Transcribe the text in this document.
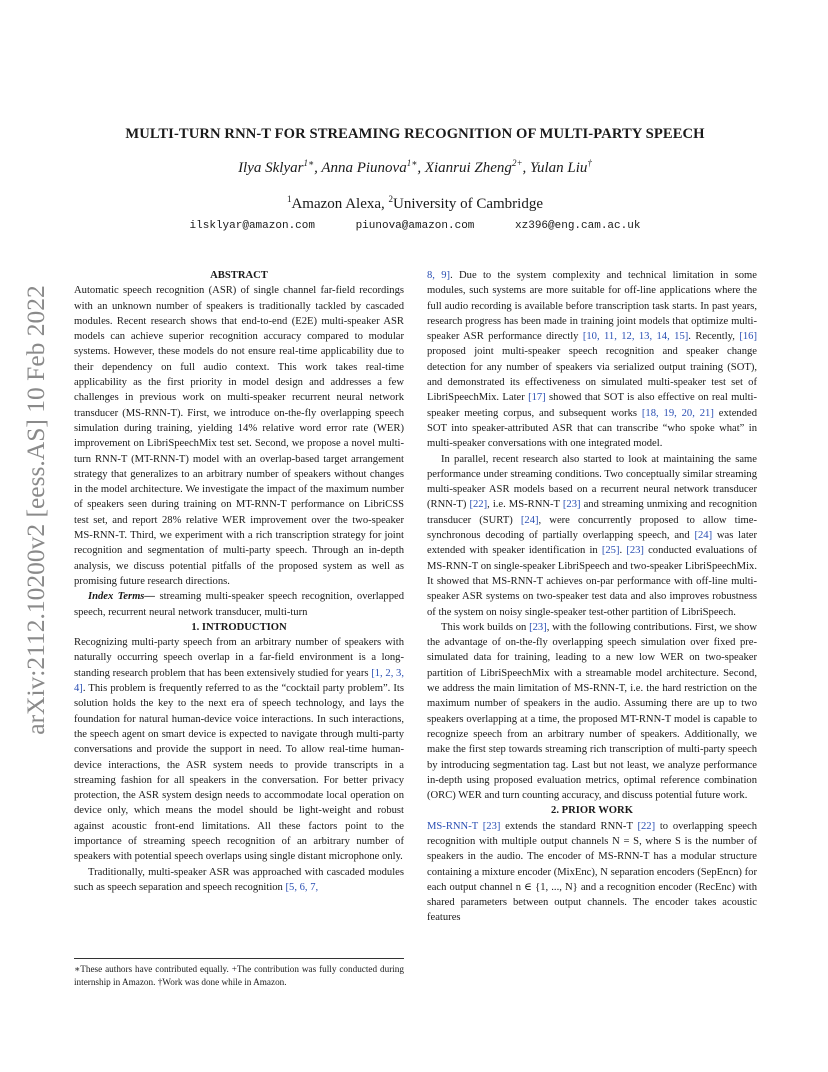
arXiv:2112.10200v2 [eess.AS] 10 Feb 2022
MULTI-TURN RNN-T FOR STREAMING RECOGNITION OF MULTI-PARTY SPEECH
Ilya Sklyar$^{1∗}$, Anna Piunova$^{1∗}$, Xianrui Zheng$^{2+}$, Yulan Liu†
$^1$Amazon Alexa, $^2$University of Cambridge
ilsklyar@amazon.com	piunova@amazon.com	xz396@eng.cam.ac.uk

ABSTRACT

Automatic speech recognition (ASR) of single channel far-field recordings with an unknown number of speakers is traditionally tackled by cascaded modules. Recent research shows that end-to-end (E2E) multi-speaker ASR models can achieve superior recognition accuracy compared to modular systems. However, these models do not ensure real-time applicability due to their dependency on full audio context. This work takes real-time applicability as the first priority in model design and addresses a few challenges in previous work on multi-speaker recurrent neural network transducer (MS-RNN-T). First, we introduce on-the-fly overlapping speech simulation during training, yielding 14% relative word error rate (WER) improvement on LibriSpeechMix test set. Second, we propose a novel multi-turn RNN-T (MT-RNN-T) model with an overlap-based target arrangement strategy that generalizes to an arbitrary number of speakers without changes in the model architecture. We investigate the impact of the maximum number of speakers seen during training on MT-RNN-T performance on LibriCSS test set, and report 28% relative WER improvement over the two-speaker MS-RNN-T. Third, we experiment with a rich transcription strategy for joint recognition and segmentation of multi-party speech. Through an in-depth analysis, we discuss potential pitfalls of the proposed system as well as promising future research directions.

Index Terms— streaming multi-speaker speech recognition, overlapped speech, recurrent neural network transducer, multi-turn

1. INTRODUCTION

Recognizing multi-party speech from an arbitrary number of speakers with naturally occurring speech overlap in a far-field environment is a long-standing research problem that has been extensively studied for years [1, 2, 3, 4]. This problem is frequently referred to as the “cocktail party problem”. Its solution holds the key to the next era of speech technology, and lays the foundation for natural human-device voice interactions. In such interactions, the speech agent on smart device is expected to navigate through multi-party conversations and provide the support in need. To allow real-time human-device interactions, the ASR system needs to provide transcripts in a streaming fashion for all speakers in the conversation. For better privacy protection, the ASR system design needs to accommodate local operation on device only, which means the model should be light-weight and robust against acoustic front-end limitations. All these factors point to the importance of streaming speech recognition of an arbitrary number of speakers with potential speech overlaps using single distant microphone only.

Traditionally, multi-speaker ASR was approached with cascaded modules such as speech separation and speech recognition [5, 6, 7,

∗These authors have contributed equally. +The contribution was fully conducted during internship in Amazon. †Work was done while in Amazon.

8, 9]. Due to the system complexity and technical limitation in some modules, such systems are more suitable for off-line applications where the full audio recording is available before transcription task starts. In past years, research progress has been made in training joint models that optimize multi-speaker ASR performance directly [10, 11, 12, 13, 14, 15]. Recently, [16] proposed joint multi-speaker speech recognition and speaker change detection for any number of speakers via serialized output training (SOT), and demonstrated its effectiveness on simulated multi-speaker test set of LibriSpeechMix. Later [17] showed that SOT is also effective on real multi-speaker meeting corpus, and subsequent works [18, 19, 20, 21] extended SOT into speaker-attributed ASR that can transcribe “who spoke what” in multi-speaker conversations with one integrated model.

In parallel, recent research also started to look at maintaining the same performance under streaming conditions. Two conceptually similar streaming multi-speaker ASR models based on a recurrent neural network transducer (RNN-T) [22], i.e. MS-RNN-T [23] and streaming unmixing and recognition transducer (SURT) [24], were concurrently proposed to allow time-synchronous decoding of partially overlapping speech, and [24] was later extended with speaker identification in [25]. [23] conducted evaluations of MS-RNN-T on single-speaker LibriSpeech and two-speaker LibriSpeechMix. It showed that MS-RNN-T achieves on-par performance with off-line multi-speaker ASR systems on two-speaker test data and also improves robustness of the system on noisy single-speaker test-other partition of LibriSpeech.

This work builds on [23], with the following contributions. First, we show the advantage of on-the-fly overlapping speech simulation over fixed pre-simulated data for training, leading to a new low WER on two-speaker partition of LibriSpeechMix with a streamable model architecture. Second, we address the main limitation of MS-RNN-T, i.e. the hard restriction on the maximum number of speakers in the audio. Assuming there are up to two speakers overlapping at a time, the proposed MT-RNN-T model is capable to recognize speech from an arbitrary number of speakers. Additionally, we make the first step towards streaming rich transcription of multi-party speech by introducing segmentation tag. Last but not least, we analyze performance in-depth using proposed evaluation metrics, optimal reference combination (ORC) WER and turn counting accuracy, and discuss potential future work.

2. PRIOR WORK

MS-RNN-T [23] extends the standard RNN-T [22] to overlapping speech recognition with multiple output channels N = S, where S is the number of speakers in the audio. The encoder of MS-RNN-T has a modular structure containing a mixture encoder (MixEnc), N separation encoders (SepEncn) for each output channel n ∈ {1, ..., N} and a recognition encoder (RecEnc) with shared parameters between output channels. The encoder takes acoustic features
